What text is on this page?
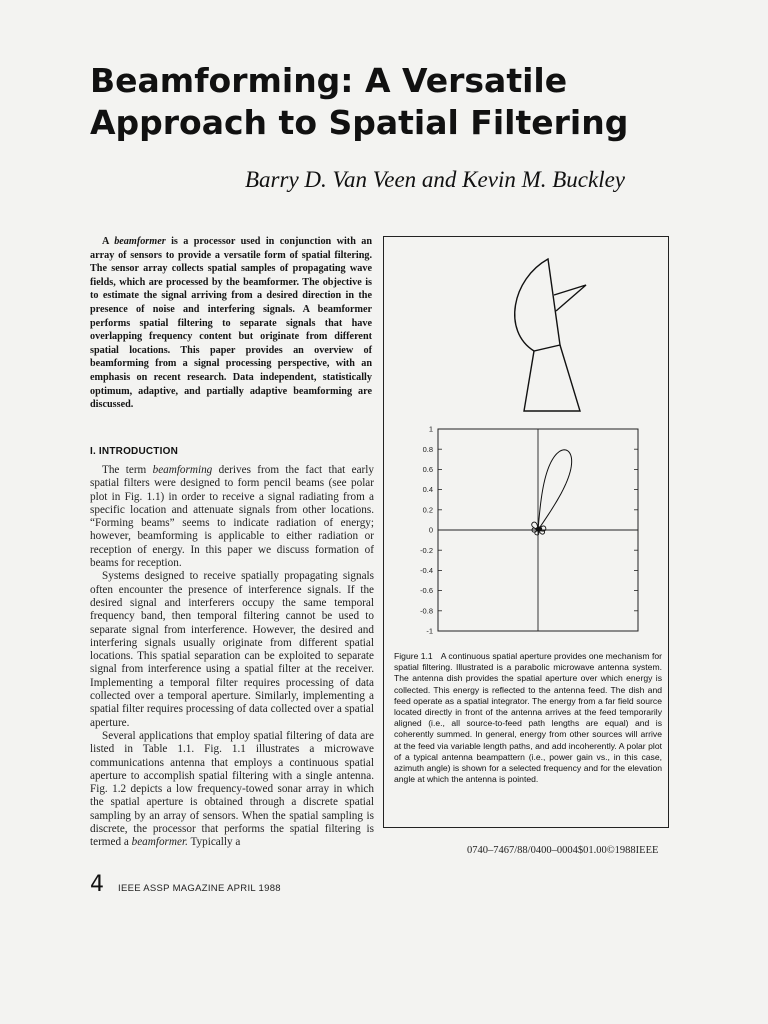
Beamforming: A Versatile
Approach to Spatial Filtering
Barry D. Van Veen and Kevin M. Buckley

A beamformer is a processor used in conjunction with an array of sensors to provide a versatile form of spatial filtering. The sensor array collects spatial samples of propagating wave fields, which are processed by the beamformer. The objective is to estimate the signal arriving from a desired direction in the presence of noise and interfering signals. A beamformer performs spatial filtering to separate signals that have overlapping frequency content but originate from different spatial locations. This paper provides an overview of beamforming from a signal processing perspective, with an emphasis on recent research. Data independent, statistically optimum, adaptive, and partially adaptive beamforming are discussed.

I. INTRODUCTION

The term beamforming derives from the fact that early spatial filters were designed to form pencil beams (see polar plot in Fig. 1.1) in order to receive a signal radiating from a specific location and attenuate signals from other locations. “Forming beams” seems to indicate radiation of energy; however, beamforming is applicable to either radiation or reception of energy. In this paper we discuss formation of beams for reception.

Systems designed to receive spatially propagating signals often encounter the presence of interference signals. If the desired signal and interferers occupy the same temporal frequency band, then temporal filtering cannot be used to separate signal from interference. However, the desired and interfering signals usually originate from different spatial locations. This spatial separation can be exploited to separate signal from interference using a spatial filter at the receiver. Implementing a temporal filter requires processing of data collected over a temporal aperture. Similarly, implementing a spatial filter requires processing of data collected over a spatial aperture.

Several applications that employ spatial filtering of data are listed in Table 1.1. Fig. 1.1 illustrates a microwave communications antenna that employs a continuous spatial aperture to accomplish spatial filtering with a single antenna. Fig. 1.2 depicts a low frequency-towed sonar array in which the spatial aperture is obtained through a discrete spatial sampling by an array of sensors. When the spatial sampling is discrete, the processor that performs the spatial filtering is termed a beamformer. Typically a

1
0.8
0.6
0.4
0.2
0
-0.2
-0.4
-0.6
-0.8
-1
Figure 1.1 A continuous spatial aperture provides one mechanism for spatial filtering. Illustrated is a parabolic microwave antenna system. The antenna dish provides the spatial aperture over which energy is collected. This energy is reflected to the antenna feed. The dish and feed operate as a spatial integrator. The energy from a far field source located directly in front of the antenna arrives at the feed temporarily aligned (i.e., all source-to-feed path lengths are equal) and is coherently summed. In general, energy from other sources will arrive at the feed via variable length paths, and add incoherently. A polar plot of a typical antenna beampattern (i.e., power gain vs., in this case, azimuth angle) is shown for a selected frequency and for the elevation angle at which the antenna is pointed.
0740–7467/88/0400–0004$01.00©1988IEEE
4 IEEE ASSP MAGAZINE APRIL 1988
